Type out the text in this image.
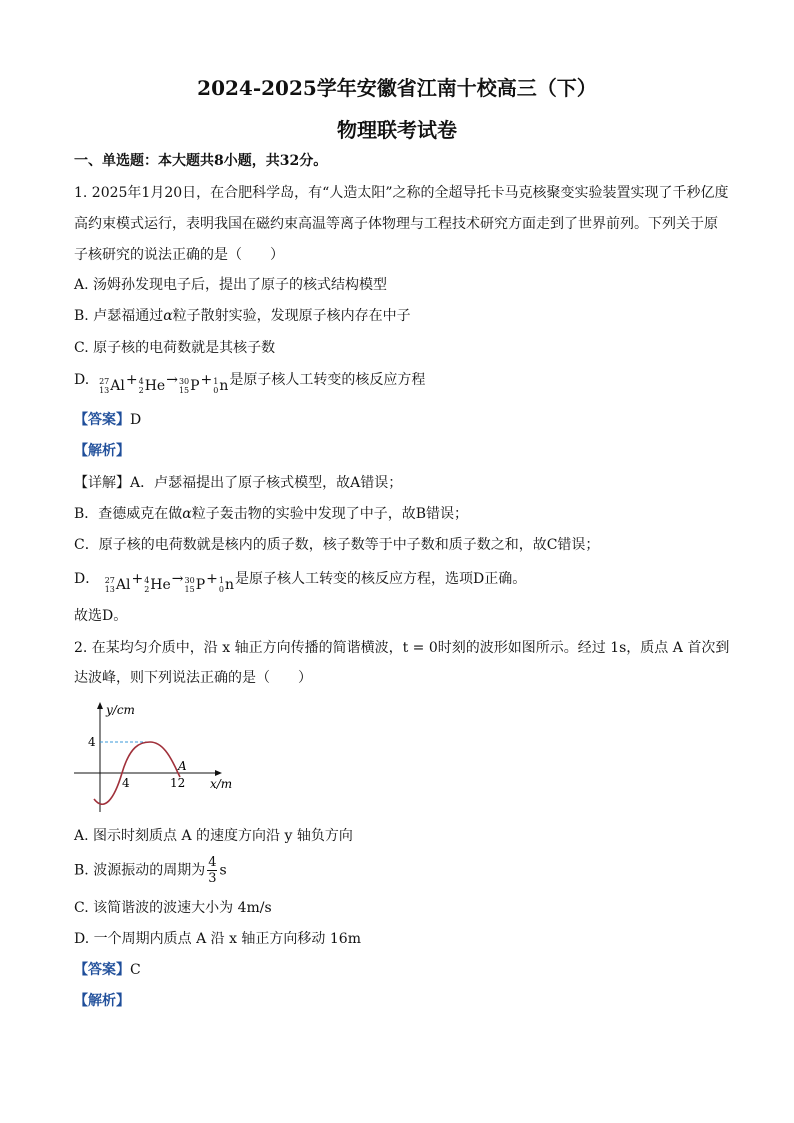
2024-2025学年安徽省江南十校高三（下）
物理联考试卷
一、单选题：本大题共8小题，共32分。
1. 2025年1月20日，在合肥科学岛，有“人造太阳”之称的全超导托卡马克核聚变实验装置实现了千秒亿度
高约束模式运行，表明我国在磁约束高温等离子体物理与工程技术研究方面走到了世界前列。下列关于原
子核研究的说法正确的是（　　）
A. 汤姆孙发现电子后，提出了原子的核式结构模型
B. 卢瑟福通过α粒子散射实验，发现原子核内存在中子
C. 原子核的电荷数就是其核子数
D. 27
13 Al + 4
2 He → 30
15 P + 1
0 n 是原子核人工转变的核反应方程
【答案】D
【解析】
【详解】A．卢瑟福提出了原子核式模型，故A错误；
B．查德威克在做α粒子轰击物的实验中发现了中子，故B错误；
C．原子核的电荷数就是核内的质子数，核子数等于中子数和质子数之和，故C错误；
D． 27
13 Al + 4
2 He → 30
15 P + 1
0 n 是原子核人工转变的核反应方程，选项D正确。
故选D。
2. 在某均匀介质中，沿 x 轴正方向传播的简谐横波，t = 0时刻的波形如图所示。经过 1s，质点 A 首次到
达波峰，则下列说法正确的是（　　）
y/cm
4
4	12
A
x/m
A. 图示时刻质点 A 的速度方向沿 y 轴负方向
B. 波源振动的周期为 $\frac{4}{3}$ s
C. 该简谐波的波速大小为 4m/s
D. 一个周期内质点 A 沿 x 轴正方向移动 16m
【答案】C
【解析】
